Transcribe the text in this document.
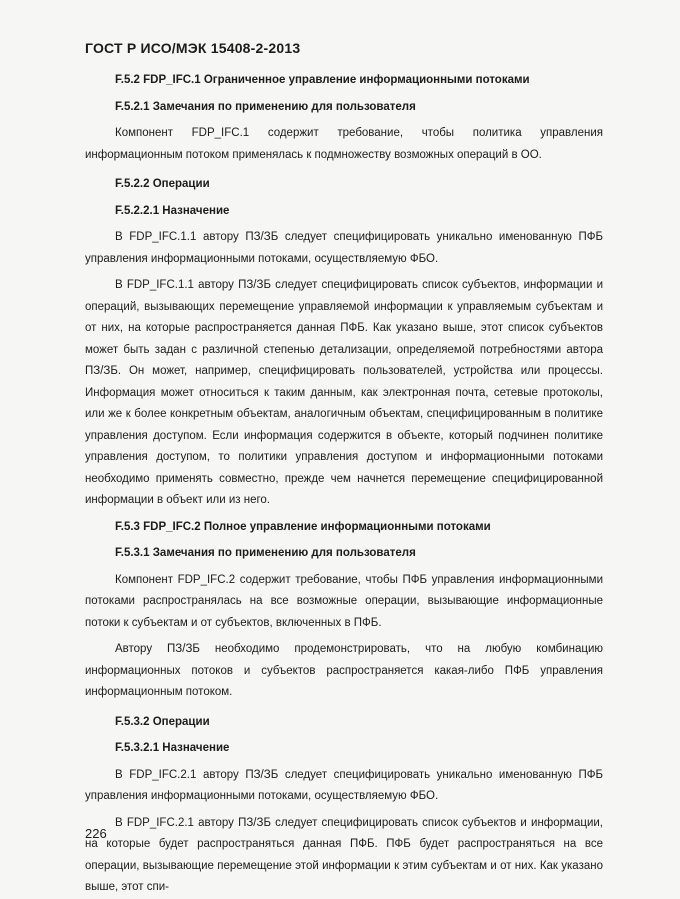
ГОСТ Р ИСО/МЭК 15408-2-2013

F.5.2 FDP_IFC.1 Ограниченное управление информационными потоками

F.5.2.1 Замечания по применению для пользователя

Компонент FDP_IFC.1 содержит требование, чтобы политика управления информационным потоком применялась к подмножеству возможных операций в ОО.

F.5.2.2 Операции

F.5.2.2.1 Назначение

В FDP_IFC.1.1 автору ПЗ/ЗБ следует специфицировать уникально именованную ПФБ управления информационными потоками, осуществляемую ФБО.

В FDP_IFC.1.1 автору ПЗ/ЗБ следует специфицировать список субъектов, информации и операций, вызывающих перемещение управляемой информации к управляемым субъектам и от них, на которые распространяется данная ПФБ. Как указано выше, этот список субъектов может быть задан с различной степенью детализации, определяемой потребностями автора ПЗ/ЗБ. Он может, например, специфицировать пользователей, устройства или процессы. Информация может относиться к таким данным, как электронная почта, сетевые протоколы, или же к более конкретным объектам, аналогичным объектам, специфицированным в политике управления доступом. Если информация содержится в объекте, который подчинен политике управления доступом, то политики управления доступом и информационными потоками необходимо применять совместно, прежде чем начнется перемещение специфицированной информации в объект или из него.

F.5.3 FDP_IFC.2 Полное управление информационными потоками

F.5.3.1 Замечания по применению для пользователя

Компонент FDP_IFC.2 содержит требование, чтобы ПФБ управления информационными потоками распространялась на все возможные операции, вызывающие информационные потоки к субъектам и от субъектов, включенных в ПФБ.

Автору ПЗ/ЗБ необходимо продемонстрировать, что на любую комбинацию информационных потоков и субъектов распространяется какая-либо ПФБ управления информационным потоком.

F.5.3.2 Операции

F.5.3.2.1 Назначение

В FDP_IFC.2.1 автору ПЗ/ЗБ следует специфицировать уникально именованную ПФБ управления информационными потоками, осуществляемую ФБО.

В FDP_IFC.2.1 автору ПЗ/ЗБ следует специфицировать список субъектов и информации, на которые будет распространяться данная ПФБ. ПФБ будет распространяться на все операции, вызывающие перемещение этой информации к этим субъектам и от них. Как указано выше, этот спи-

226
